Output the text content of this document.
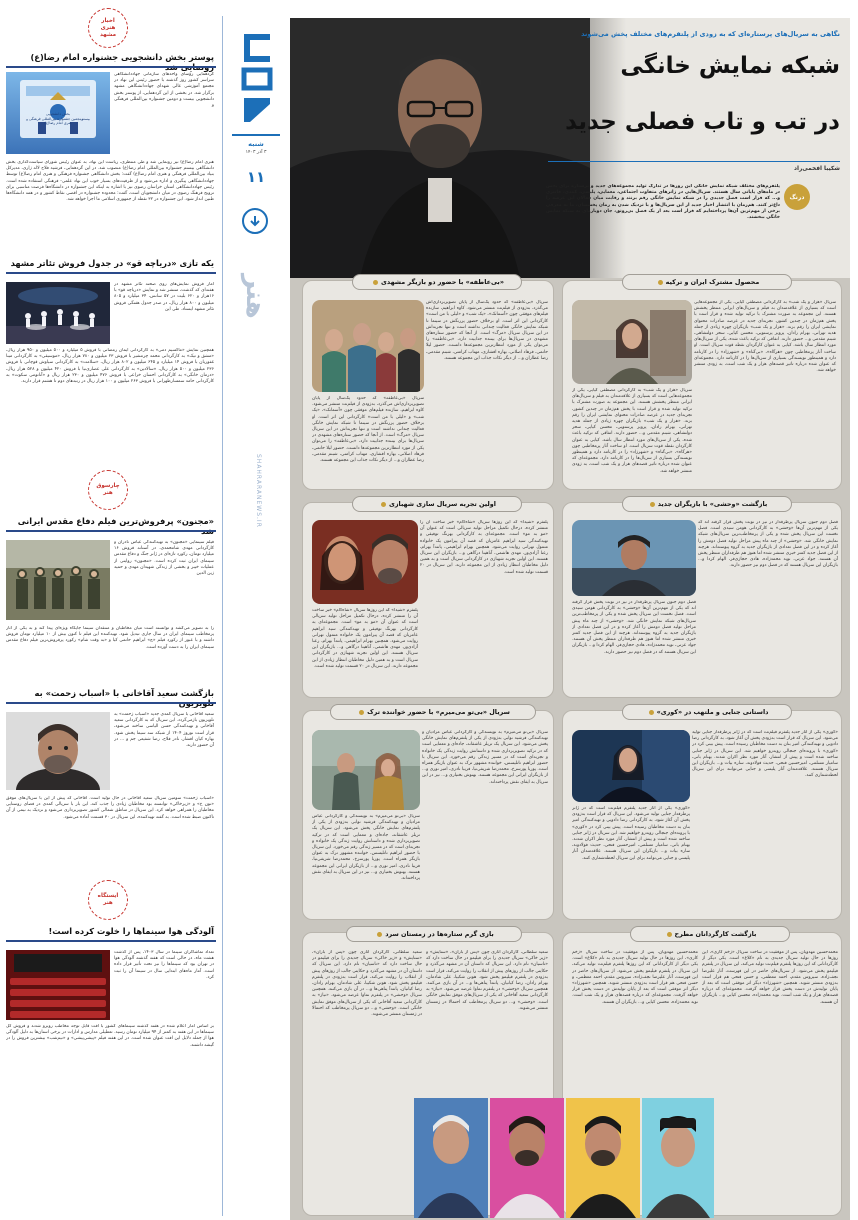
اخبار
هنری
مشهد
پوستر بخش دانشجویی جشنواره امام رضا(ع)
بخش دانشجویی
بیستوپنجمین جشنواره بین‌المللی فرهنگی و هنری امام رضا(ع)
گردهمایی رؤسای واحدهای سازمانی جهاددانشگاهی سراسر کشور روز گذشته با حضور رئیس این نهاد در مجتمع آموزشی عالی شهدای جهاددانشگاهی مشهد برگزار شد. در بخشی از این گردهمایی، از پوستر بخش دانشجویی بیست و دومین جشنواره بین‌المللی فرهنگی و
هنری امام رضا(ع) نیز رونمایی شد و طی منتظری، ریاست این نهاد، به عنوان رئیس شورای سیاست‌گذاری بخش دانشگاهی بیستم جشنواره بین‌المللی امام رضا(ع) منصوب شد. در این گردهمایی، فرشید فلاح لاله زاری، مدیرکل بنیاد بین‌المللی فرهنگی و هنری امام رضا(ع) گفت: بخش دانشگاهی جشنواره فرهنگی و هنری امام رضا(ع) توسط جهاددانشگاهی پیگیری و اداره می‌شود و از ظرفیت‌های بسیار خوب این نهاد علمی- فرهنگی استفاده شده است. رئیس جهاددانشگاهی استان خراسان رضوی نیز با اشاره به اینکه این جشنواره در دانشگاه‌ها فرصت مناسبی برای ترویج فرهنگ رضوی در میان دانشجویان است، گفت: محدوده جشنواره در اقصی نقاط کشور و در همه دانشگاه‌ها طنین انداز شود. این جشنواره در ۳۲ نقطه از جمهوری اسلامی ما اجرا خواهد شد.
یکه تازی «دریاچه قو» در جدول فروش تئاتر مشهد
آمار فروش نمایش‌های روی صحنه تئاتر مشهد در هفته‌ای که گذشت، منتشر شد و نمایش «دریاچه قو» با ۱۶هزار و ۶۲۰ بلیت در ۵۷ سانس، ۳۴ میلیارد و ۸۰۵ میلیون و ۸۰۰ هزار ریال، در صدر جدول هفتگی فروش تئاتر مشهد ایستاد. طی این
همچنین نمایش «ماکسیم دمی» به کارگردانی ایمان رمضانی با فروش ۵ میلیارد و ۵۰۰ میلیون و ۹۵۰ هزار ریال، «مشق و تیک» به کارگردانی محمد چرمشیر با فروش ۲۳ میلیون و ۷۸۰ هزار ریال، «موسیقی» به کارگردانی مینا غفوریان با فروش ۱۴ میلیارد و ۶۴۵ میلیون و ۸۰۲ هزار ریال، «سلامت» به کارگردانی سیاوش قوچانی با فروش ۲۳۶ میلیون و ۵۰۰ هزار ریال، «سالادین» به کارگردانی علی عصاری‌نیا با فروش ۴۲۰ میلیون و ۵۲۸ هزار ریال، «درمان خانگی» به کارگردانی احسان خزاعی با فروش ۴۷۶ میلیون و ۲۳۰ هزار ریال و «آناتومی سکوت» به کارگردانی حامد سمسارطهرانی با فروش ۲۶۳ میلیون و ۱۰۰ هزار ریال در رتبه‌های دوم تا هشتم قرار دارند.
چارسوق
هنر
«مجنون» پرفروش‌ترین فیلم دفاع مقدس ایرانی
فیلم سینمایی «مجنون» به تهیه‌کنندگی عباس نادران و کارگردانی مهدی شامحمدی، در آستانه فروش ۱۶ میلیارد تومان، رکورد تازه‌ای در ژانر جنگ و دفاع مقدس سینمای ایران ثبت کرده است. «مجنون» روایتی از عملیات خیبر و بخشی از زندگی شهیدان مهدی و حمید زین الدین
را به تصویر می‌کشد و توانسته است میان مخاطبان و منتقدان سینما جایگاه ویژه‌ای پیدا کند و به یکی از آثار پرمخاطب سینمای ایران در سال جاری تبدیل شود. تهیه‌کننده این فیلم تا کنون بیش از ۱۰ میلیارد تومان فروش داشته و با عبور از رکورد فیلم «چ» ابراهیم حاتمی کیا و «به وقت شام» رکورد پرفروش‌ترین فیلم دفاع مقدس سینمای ایران را به دست آورده است.
بازگشت سعید آقاخانی با «اسباب زحمت» به
سعید آقاخانی با سریال کمدی جدید «اسباب زحمت» به تلویزیون بازمی‌گردد. این سریال که به کارگردانی سعید آقاخانی و تهیه‌کنندگی حسن الیاسی ساخته می‌شود، قرار است نوروز ۱۴۰۴ از شبکه سه سیما پخش شود. بهاره کیان افشار، نادر فلاح، رضا شفیعی جم و ... در آن حضور دارند.
«اسباب زحمت» سومین سریال سعید آقاخانی در حال تولید است. آقاخانی که پیش از این با سریال‌های موفق «نون خ» و «زیرخاکی» توانسته بود مخاطبان زیادی را جذب کند، این بار با سریالی کمدی در فضای روستایی مخاطبان را همراهی خواهد کرد. این سریال در مناطق شمالی کشور تصویربرداری می‌شود و نزدیک به نیمی از آن تاکنون ضبط شده است. به گفته تهیه‌کننده، این سریال در ۳۰ قسمت آماده می‌شود.
ایستگاه
هنر
آلودگی هوا سینماها را خلوت کرده است!
تعداد تماشاگران سینما در سال ۱۴۰۳، پس از گذشت هشت ماه، در حالی است که هفته گذشته آلودگی هوا در تهران بود که سینماها را نیز تحت تأثیر قرار داده است. آمار ماه‌های ابتدایی سال در سینما آن را ثبت کرد.
بر اساس آمار اعلام شده در هفته گذشته سینماهای کشور با افت قابل توجه مخاطب روبرو شدند و فروش کل سینماها در این هفته به کمتر از ۹۴ میلیارد تومان رسید. تعطیلی مدارس و ادارات در برخی استان‌ها به دلیل آلودگی هوا از جمله دلایل این افت عنوان شده است. در این هفته فیلم «پیشی‌پیشی» و «نیم‌شب» بیشترین فروش را در گیشه داشتند.
شنبه
۳ آذر ۱۴۰۳
۱۱
هنر
SHAHRARANEWS.IR
نگاهی به سریال‌های پرستاره‌ای که به زودی از پلتفرم‌های مختلف پخش می‌شوند
شبکه نمایش خانگی
در تب و تاب فصلی جدید
شکیبا افخمی‌راد
درنگ
پلتفرم‌های مختلف شبکه نمایش خانگی این روزها در تدارک تولید مجموعه‌های جدید و پرستاره برای پخش در ماه‌های پایانی سال هستند. سریال‌هایی در ژانرهای متفاوت اجتماعی، معمایی، پلیسی، کمدی، فانتزی و... که قرار است فصل جدیدی را در شبکه نمایش خانگی رقم بزنند و رقابت میان فعالان این عرصه را داغ‌تر کنند. هم‌زمان با انتشار اخبار جدید از این سریال‌ها و با نزدیک شدن به زمان پخششان، ما به معرفی برخی از مهم‌ترین آن‌ها پرداخته‌ایم که قرار است بعد از یک فصل بی‌رونق، جان دوباره‌ای به شبکه نمایش خانگی ببخشند.
محصول مشترک ایران و ترکیه
سریال «هزار و یک شب» به کارگردانی مصطفی کیایی، یکی از مجموعه‌هایی است که بسیاری از علاقه‌مندان به فیلم و سریال‌های ایرانی منتظر پخشش هستند. این مجموعه به صورت مشترک با ترکیه تولید شده و قرار است با پخش هم‌زمان در چندین کشور، تجربه‌ای جدید در عرصه صادرات محتوای نمایشی ایران را رقم بزند. «هزار و یک شب» بازیگران چهره زیادی از جمله هدیه تهرانی، بهرام رادان، پرویز پرستویی، محسن کیایی، سحر دولتشاهی، شبنم مقدمی و... حضور دارند. اتفاقی که ترکیه باعث شده، یکی از سریال‌های مورد انتظار سال باشد. کیایی به عنوان کارگردان نقطه قوت سریال است. او ساخت آثار پرمخاطبی چون «هرگاه»، «بی‌گناه» و «شهرزاد» را در کارنامه دارد و همینطور نویسندگی بسیاری از سریال‌ها را در کارنامه دارد. مجموعه‌ای که عنوان شده درباره تاثیر قصه‌های هزار و یک شب است، به زودی منتشر خواهد شد.
سریال «هزار و یک شب» به کارگردانی مصطفی کیایی، یکی از مجموعه‌هایی است که بسیاری از علاقه‌مندان به فیلم و سریال‌های ایرانی منتظر پخشش هستند. این مجموعه به صورت مشترک با ترکیه تولید شده و قرار است با پخش هم‌زمان در چندین کشور، تجربه‌ای جدید در عرصه صادرات محتوای نمایشی ایران را رقم بزند. «هزار و یک شب» بازیگران چهره زیادی از جمله هدیه تهرانی، بهرام رادان، پرویز پرستویی، محسن کیایی، سحر دولتشاهی، شبنم مقدمی و... حضور دارند. اتفاقی که ترکیه باعث شده، یکی از سریال‌های مورد انتظار سال باشد. کیایی به عنوان کارگردان نقطه قوت سریال است. او ساخت آثار پرمخاطبی چون «هرگاه»، «بی‌گناه» و «شهرزاد» را در کارنامه دارد و همینطور نویسندگی بسیاری از سریال‌ها را در کارنامه دارد. مجموعه‌ای که عنوان شده درباره تاثیر قصه‌های هزار و یک شب است، به زودی منتشر خواهد شد.
«بی‌عاطفه» با حضور دو بازیگر مشهدی
سریال «بی‌عاطفه» که حدود یک‌سال از پایان تصویربرداری‌اش می‌گذرد، به‌زودی از فیلم‌نت منتشر می‌شود. کاوه ابراهیم، سازنده فیلم‌های موفقی چون «آسمانک»، «یک شب» و «لیلی با من است» کارگردانی این اثر است. او برخلاف حضور پررنگش در سینما تا شبکه نمایش خانگی فعالیت چندانی نداشته است و تنها تجربه‌اش در این سریال سریال «مرگ» است. از آنجا که حضور ستاره‌های مشهدی در سریال‌ها برای بیننده جذابیت دارد، «بی‌عاطفه» را می‌توان یکی از مورد انتظارترین مجموعه‌ها دانست. حضور لیلا حاتمی، فرهاد اصلانی، بهاره افشاری، مهتاب کرامتی، شبنم مقدمی، رضا عطاران و... از دیگر نکات جذاب این مجموعه هستند.
سریال «بی‌عاطفه» که حدود یک‌سال از پایان تصویربرداری‌اش می‌گذرد، به‌زودی از فیلم‌نت منتشر می‌شود. کاوه ابراهیم، سازنده فیلم‌های موفقی چون «آسمانک»، «یک شب» و «لیلی با من است» کارگردانی این اثر است. او برخلاف حضور پررنگش در سینما تا شبکه نمایش خانگی فعالیت چندانی نداشته است و تنها تجربه‌اش در این سریال سریال «مرگ» است. از آنجا که حضور ستاره‌های مشهدی در سریال‌ها برای بیننده جذابیت دارد، «بی‌عاطفه» را می‌توان یکی از مورد انتظارترین مجموعه‌ها دانست. حضور لیلا حاتمی، فرهاد اصلانی، بهاره افشاری، مهتاب کرامتی، شبنم مقدمی، رضا عطاران و... از دیگر نکات جذاب این مجموعه هستند.
بازگشت «وحشی» با بازیگران جدید
فصل دوم جنون سریال پرطرفدار در نیز در نوبت پخش قرار گرفته اند که یکی از مهم‌ترین آن‌ها «وحشی» به کارگردانی هومن سیدی است. فصل نخست این سریال پخش شده و یکی از پرمخاطب‌ترین سریال‌های شبکه نمایش خانگی شد. «وحشی» از چند ماه پیش مراحل تولید فصل دومش را آغاز کرده و در این فصل تعدادی از بازیگران جدید به گروه پیوسته‌اند. هرچند از این فصل جدید کمتر خبری منتشر شده اما هنوز هم طرفداران منتظر پخش آن هستند. جواد عزتی، نوید محمدزاده، هادی حجازی‌فر، الهام کردا و... بازیگران این سریال هستند که در فصل دوم نیز حضور دارند.
فصل دوم جنون سریال پرطرفدار در نیز در نوبت پخش قرار گرفته اند که یکی از مهم‌ترین آن‌ها «وحشی» به کارگردانی هومن سیدی است. فصل نخست این سریال پخش شده و یکی از پرمخاطب‌ترین سریال‌های شبکه نمایش خانگی شد. «وحشی» از چند ماه پیش مراحل تولید فصل دومش را آغاز کرده و در این فصل تعدادی از بازیگران جدید به گروه پیوسته‌اند. هرچند از این فصل جدید کمتر خبری منتشر شده اما هنوز هم طرفداران منتظر پخش آن هستند. جواد عزتی، نوید محمدزاده، هادی حجازی‌فر، الهام کردا و... بازیگران این سریال هستند که در فصل دوم نیز حضور دارند.
اولین تجربه سریال سازی شهبازی
پلتفرم «شیدا» که این روزها سریال «شاه‌گام» خبر ساخت آن را منتشر کرده، درحال تکمیل مراحل تولید سریالی است که عنوان آن «مو به مو» است. مجموعه‌ای به کارگردانی بهرنگ توفیقی و تهیه‌کنندگی سید ابراهیم عامریان که قصه آن پیرامون یک خانواده متمول تهرانی روایت می‌شود. همچنین بهرام ابراهیمی، پانته‌آ بهرام، رعنا آزادی‌ور، مهدی هاشمی، آناهیتا درگاهی و... بازیگران این سریال هستند. این اولین تجربه شهبازی در کارگردانی سریال است و به همین دلیل مخاطبان انتظار زیادی از این مجموعه دارند. این سریال در ۲۰ قسمت تولید شده است.
پلتفرم «شیدا» که این روزها سریال «شاه‌گام» خبر ساخت آن را منتشر کرده، درحال تکمیل مراحل تولید سریالی است که عنوان آن «مو به مو» است. مجموعه‌ای به کارگردانی بهرنگ توفیقی و تهیه‌کنندگی سید ابراهیم عامریان که قصه آن پیرامون یک خانواده متمول تهرانی روایت می‌شود. همچنین بهرام ابراهیمی، پانته‌آ بهرام، رعنا آزادی‌ور، مهدی هاشمی، آناهیتا درگاهی و... بازیگران این سریال هستند. این اولین تجربه شهبازی در کارگردانی سریال است و به همین دلیل مخاطبان انتظار زیادی از این مجموعه دارند. این سریال در ۲۰ قسمت تولید شده است.
داستانی جنایی و ملتهب در «کوری»
«کوری» یکی از آثار جدید پلتفرم فیلم‌نت است که در ژانر پرطرفدار جنایی تولید می‌شود. این سریال که قرار است به‌زودی پخش آن آغاز شود، به کارگردانی رضا دادویی و تهیه‌کنندگی امیر بنان به دست مخاطبان رسیده است. پیش بینی کرد در «کوری» با پرونده‌ای جنجالی روبه‌رو خواهیم شد. این سریال در ژانر جنایی ساخته شده است و پیش از انتشار، آثار مورد نظر اکران شدند. بهنام بانی، سامیار مسلمی، امیرحسین فتحی، حدیث فولادوند، ساره بیات و... بازیگران این سریال هستند. علاقه‌مندان آثار پلیسی و جنایی می‌توانند برای این سریال لحظه‌شماری کنند.
«کوری» یکی از آثار جدید پلتفرم فیلم‌نت است که در ژانر پرطرفدار جنایی تولید می‌شود. این سریال که قرار است به‌زودی پخش آن آغاز شود، به کارگردانی رضا دادویی و تهیه‌کنندگی امیر بنان به دست مخاطبان رسیده است. پیش بینی کرد در «کوری» با پرونده‌ای جنجالی روبه‌رو خواهیم شد. این سریال در ژانر جنایی ساخته شده است و پیش از انتشار، آثار مورد نظر اکران شدند. بهنام بانی، سامیار مسلمی، امیرحسین فتحی، حدیث فولادوند، ساره بیات و... بازیگران این سریال هستند. علاقه‌مندان آثار پلیسی و جنایی می‌توانند برای این سریال لحظه‌شماری کنند.
سریال «بی‌تو می‌میرم» با حضور خواننده ترک
سریال «بی‌تو می‌میرم» به نویسندگی و کارگردانی عباس مرادیان و تهیه‌کنندگی فرشید نوابی به‌زودی از یکی از پلتفرم‌های نمایش خانگی پخش می‌شود. این سریال یک تریلر عاشقانه، جاده‌ای و معمایی است که در ترکیه تصویربرداری شده و داستانش روایت زندگی یک خانواده و تجربه‌ای است که در مسیر زندگی رقم می‌خورد. این سریال با حضور ابراهیم تاتلیسس، خواننده مشهور ترک به عنوان بازیگر همراه است. پوریا پورسرخ، محمدرضا شریفی‌نیا، فریبا نادری، امیر نوری و... از بازیگران ایرانی این مجموعه هستند. بهنوش بختیاری و... نیز در این سریال به ایفای نقش پرداخته‌اند.
سریال «بی‌تو می‌میرم» به نویسندگی و کارگردانی عباس مرادیان و تهیه‌کنندگی فرشید نوابی به‌زودی از یکی از پلتفرم‌های نمایش خانگی پخش می‌شود. این سریال یک تریلر عاشقانه، جاده‌ای و معمایی است که در ترکیه تصویربرداری شده و داستانش روایت زندگی یک خانواده و تجربه‌ای است که در مسیر زندگی رقم می‌خورد. این سریال با حضور ابراهیم تاتلیسس، خواننده مشهور ترک به عنوان بازیگر همراه است. پوریا پورسرخ، محمدرضا شریفی‌نیا، فریبا نادری، امیر نوری و... از بازیگران ایرانی این مجموعه هستند. بهنوش بختیاری و... نیز در این سریال به ایفای نقش پرداخته‌اند.
بازگشت کارگردانان مطرح
محمدحسین مهدویان، پس از موفقیت در ساخت سریال «زخم کاری»، این روزها در حال تولید سریال جدیدی به نام «کلاغ» است. یکی دیگر از کارگردانانی که این روزها پلتفرم فیلم‌نت تولید می‌کند، این سریال در پلتفرم فیلیمو پخش می‌شود. از سریال‌های حاضر در این فهرست، آثار علیرضا نجف‌زاده، سیروس مقدم، احمد معظمی، و حسن فتحی هم قرار است به‌زودی منتشر شوند. همچنین «شهرزاد» دیگر اثر موفقی است که بعد از پایان تولیدش در دست پخش قرار خواهد گرفت. مجموعه‌ای که درباره قصه‌های هزار و یک شب است. نوید محمدزاده، محسن کیایی و... بازیگران آن هستند.
محمدحسین مهدویان، پس از موفقیت در ساخت سریال «زخم کاری»، این روزها در حال تولید سریال جدیدی به نام «کلاغ» است. یکی دیگر از کارگردانانی که این روزها پلتفرم فیلم‌نت تولید می‌کند، این سریال در پلتفرم فیلیمو پخش می‌شود. از سریال‌های حاضر در این فهرست، آثار علیرضا نجف‌زاده، سیروس مقدم، احمد معظمی، و حسن فتحی هم قرار است به‌زودی منتشر شوند. همچنین «شهرزاد» دیگر اثر موفقی است که بعد از پایان تولیدش در دست پخش قرار خواهد گرفت. مجموعه‌ای که درباره قصه‌های هزار و یک شب است. نوید محمدزاده، محسن کیایی و... بازیگران آن هستند.
بازی گرم ستاره‌ها در زمستان سرد
سعید سلطانی، کارگردان آثاری چون «پس از باران»، «ستایش» و «زیر خاکی» سریال جدیدی را برای فیلیمو در حال ساخت دارد که «تاسیان» نام دارد. این سریال که داستان آن در مشهد می‌گذرد و حکایتی جالب از روزهای پیش از انقلاب را روایت می‌کند، قرار است به‌زودی در پلتفرم فیلیمو پخش شود. هوتن شکیبا، علی شادمان، بهرام رادان، رضا کیانیان، پانته‌آ پناهی‌ها و... در آن بازی می‌کنند. همچنین سریال «وحشی» در پلتفرم نماوا عرضه می‌شود. «نیاز» به کارگردانی سعید آقاخانی که یکی از سریال‌های موفق نمایش خانگی است. «وحشی» و... دو سریال پرمخاطب که احتمالا در زمستان منتشر می‌شوند.
سعید سلطانی، کارگردان آثاری چون «پس از باران»، «ستایش» و «زیر خاکی» سریال جدیدی را برای فیلیمو در حال ساخت دارد که «تاسیان» نام دارد. این سریال که داستان آن در مشهد می‌گذرد و حکایتی جالب از روزهای پیش از انقلاب را روایت می‌کند، قرار است به‌زودی در پلتفرم فیلیمو پخش شود. هوتن شکیبا، علی شادمان، بهرام رادان، رضا کیانیان، پانته‌آ پناهی‌ها و... در آن بازی می‌کنند. همچنین سریال «وحشی» در پلتفرم نماوا عرضه می‌شود. «نیاز» به کارگردانی سعید آقاخانی که یکی از سریال‌های موفق نمایش خانگی است. «وحشی» و... دو سریال پرمخاطب که احتمالا در زمستان منتشر می‌شوند.
